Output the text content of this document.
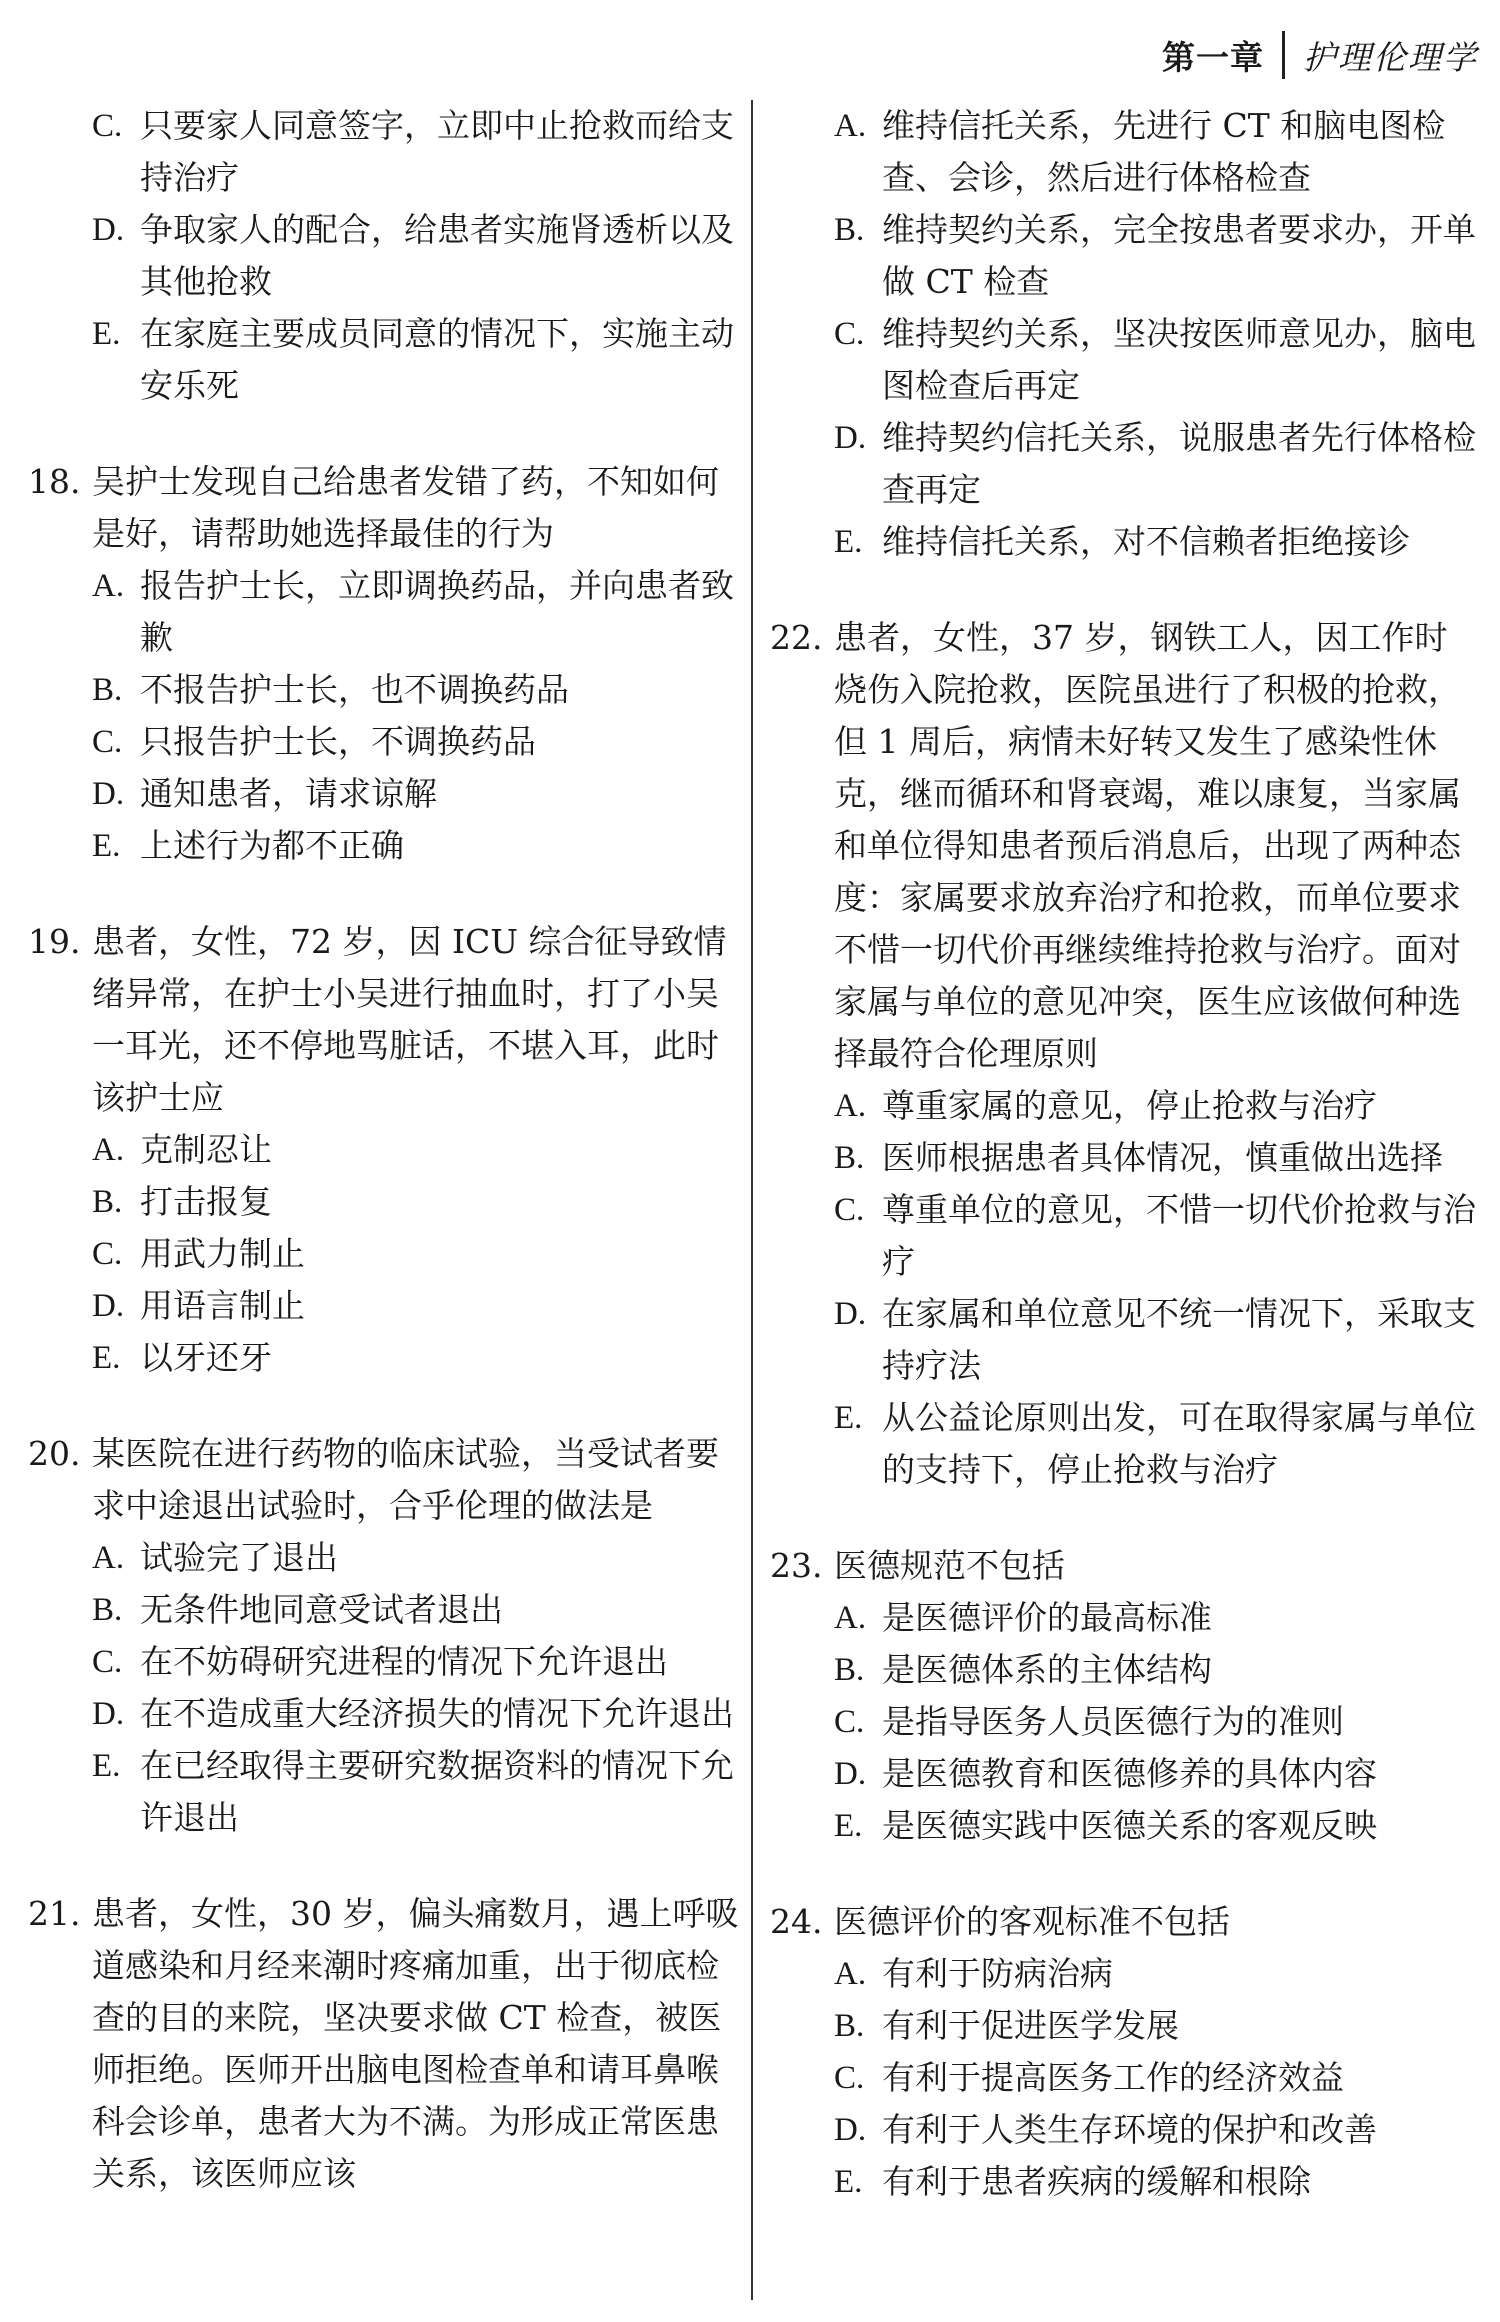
第一章 护理伦理学
C. 只要家人同意签字，立即中止抢救而给支持治疗
D. 争取家人的配合，给患者实施肾透析以及其他抢救
E. 在家庭主要成员同意的情况下，实施主动安乐死
18. 吴护士发现自己给患者发错了药，不知如何是好，请帮助她选择最佳的行为
A. 报告护士长，立即调换药品，并向患者致歉
B. 不报告护士长，也不调换药品
C. 只报告护士长，不调换药品
D. 通知患者，请求谅解
E. 上述行为都不正确
19. 患者，女性，72 岁，因 ICU 综合征导致情绪异常，在护士小吴进行抽血时，打了小吴一耳光，还不停地骂脏话，不堪入耳，此时该护士应
A. 克制忍让
B. 打击报复
C. 用武力制止
D. 用语言制止
E. 以牙还牙
20. 某医院在进行药物的临床试验，当受试者要求中途退出试验时，合乎伦理的做法是
A. 试验完了退出
B. 无条件地同意受试者退出
C. 在不妨碍研究进程的情况下允许退出
D. 在不造成重大经济损失的情况下允许退出
E. 在已经取得主要研究数据资料的情况下允许退出
21. 患者，女性，30 岁，偏头痛数月，遇上呼吸道感染和月经来潮时疼痛加重，出于彻底检查的目的来院，坚决要求做 CT 检查，被医师拒绝。医师开出脑电图检查单和请耳鼻喉科会诊单，患者大为不满。为形成正常医患关系，该医师应该
A. 维持信托关系，先进行 CT 和脑电图检查、会诊，然后进行体格检查
B. 维持契约关系，完全按患者要求办，开单做 CT 检查
C. 维持契约关系，坚决按医师意见办，脑电图检查后再定
D. 维持契约信托关系，说服患者先行体格检查再定
E. 维持信托关系，对不信赖者拒绝接诊
22. 患者，女性，37 岁，钢铁工人，因工作时烧伤入院抢救，医院虽进行了积极的抢救，但 1 周后，病情未好转又发生了感染性休克，继而循环和肾衰竭，难以康复，当家属和单位得知患者预后消息后，出现了两种态度：家属要求放弃治疗和抢救，而单位要求不惜一切代价再继续维持抢救与治疗。面对家属与单位的意见冲突，医生应该做何种选择最符合伦理原则
A. 尊重家属的意见，停止抢救与治疗
B. 医师根据患者具体情况，慎重做出选择
C. 尊重单位的意见，不惜一切代价抢救与治疗
D. 在家属和单位意见不统一情况下，采取支持疗法
E. 从公益论原则出发，可在取得家属与单位的支持下，停止抢救与治疗
23. 医德规范不包括
A. 是医德评价的最高标准
B. 是医德体系的主体结构
C. 是指导医务人员医德行为的准则
D. 是医德教育和医德修养的具体内容
E. 是医德实践中医德关系的客观反映
24. 医德评价的客观标准不包括
A. 有利于防病治病
B. 有利于促进医学发展
C. 有利于提高医务工作的经济效益
D. 有利于人类生存环境的保护和改善
E. 有利于患者疾病的缓解和根除
